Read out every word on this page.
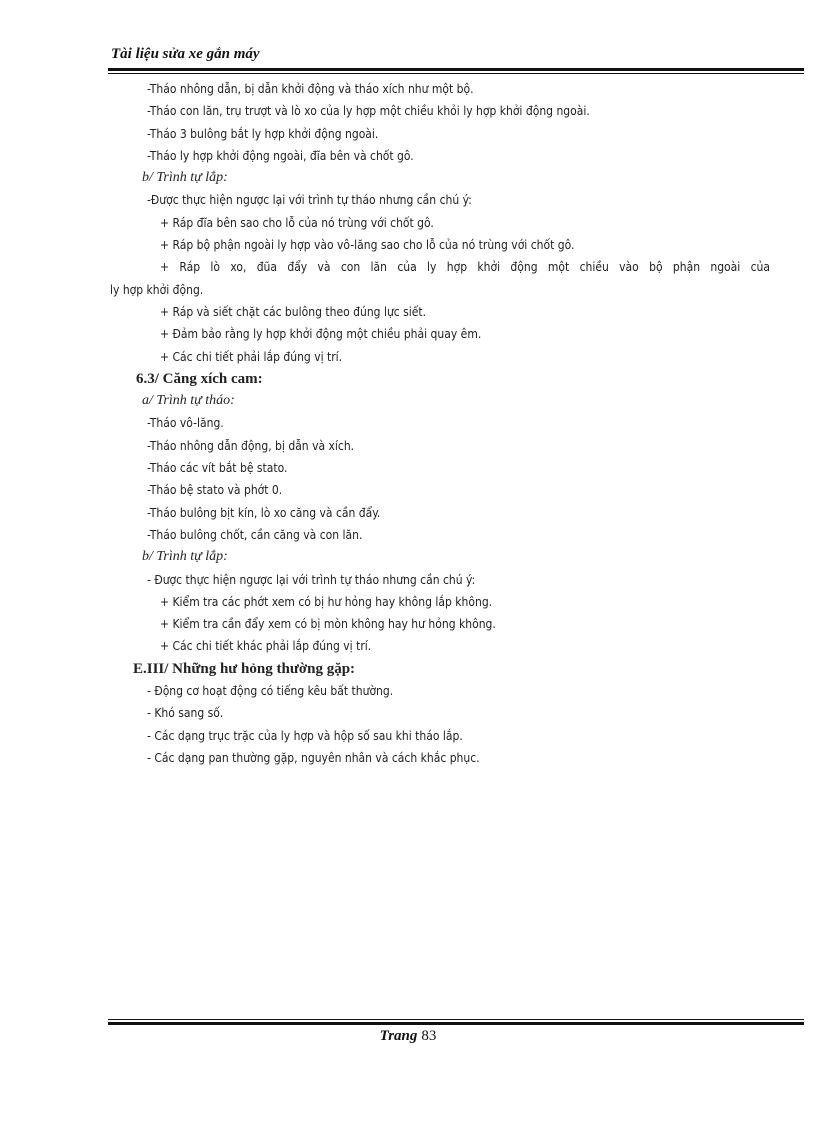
Tài liệu sửa xe gắn máy
-Tháo nhông dẫn, bị dẫn khởi động và tháo xích như một bộ.
-Tháo con lăn, trụ trượt và lò xo của ly hợp một chiều khỏi ly hợp khởi động ngoài.
-Tháo 3 bulông bắt ly hợp khởi động ngoài.
-Tháo ly hợp khởi động ngoài, đĩa bên và chốt gô.
b/ Trình tự lắp:
-Được thực hiện ngược lại với trình tự tháo nhưng cần chú ý:
+ Ráp đĩa bên sao cho lỗ của nó trùng với chốt gô.
+ Ráp bộ phận ngoài ly hợp vào vô-lăng sao cho lỗ của nó trùng với chốt gô.
+ Ráp lò xo, đũa đẩy và con lăn của ly hợp khởi động một chiều vào bộ phận ngoài của
ly hợp khởi động.
+ Ráp và siết chặt các bulông theo đúng lực siết.
+ Đảm bảo rằng ly hợp khởi động một chiều phải quay êm.
+ Các chi tiết phải lắp đúng vị trí.
6.3/ Căng xích cam:
a/ Trình tự tháo:
-Tháo vô-lăng.
-Tháo nhông dẫn động, bị dẫn và xích.
-Tháo các vít bắt bệ stato.
-Tháo bệ stato và phớt 0.
-Tháo bulông bịt kín, lò xo căng và cần đẩy.
-Tháo bulông chốt, cần căng và con lăn.
b/ Trình tự lắp:
- Được thực hiện ngược lại với trình tự tháo nhưng cần chú ý:
+ Kiểm tra các phớt xem có bị hư hỏng hay không lắp không.
+ Kiểm tra cần đẩy xem có bị mòn không hay hư hỏng không.
+ Các chi tiết khác phải lắp đúng vị trí.
E.III/ Những hư hỏng thường gặp:
- Động cơ hoạt động có tiếng kêu bất thường.
- Khó sang số.
- Các dạng trục trặc của ly hợp và hộp số sau khi tháo lắp.
- Các dạng pan thường gặp, nguyên nhân và cách khắc phục.
Trang 83
